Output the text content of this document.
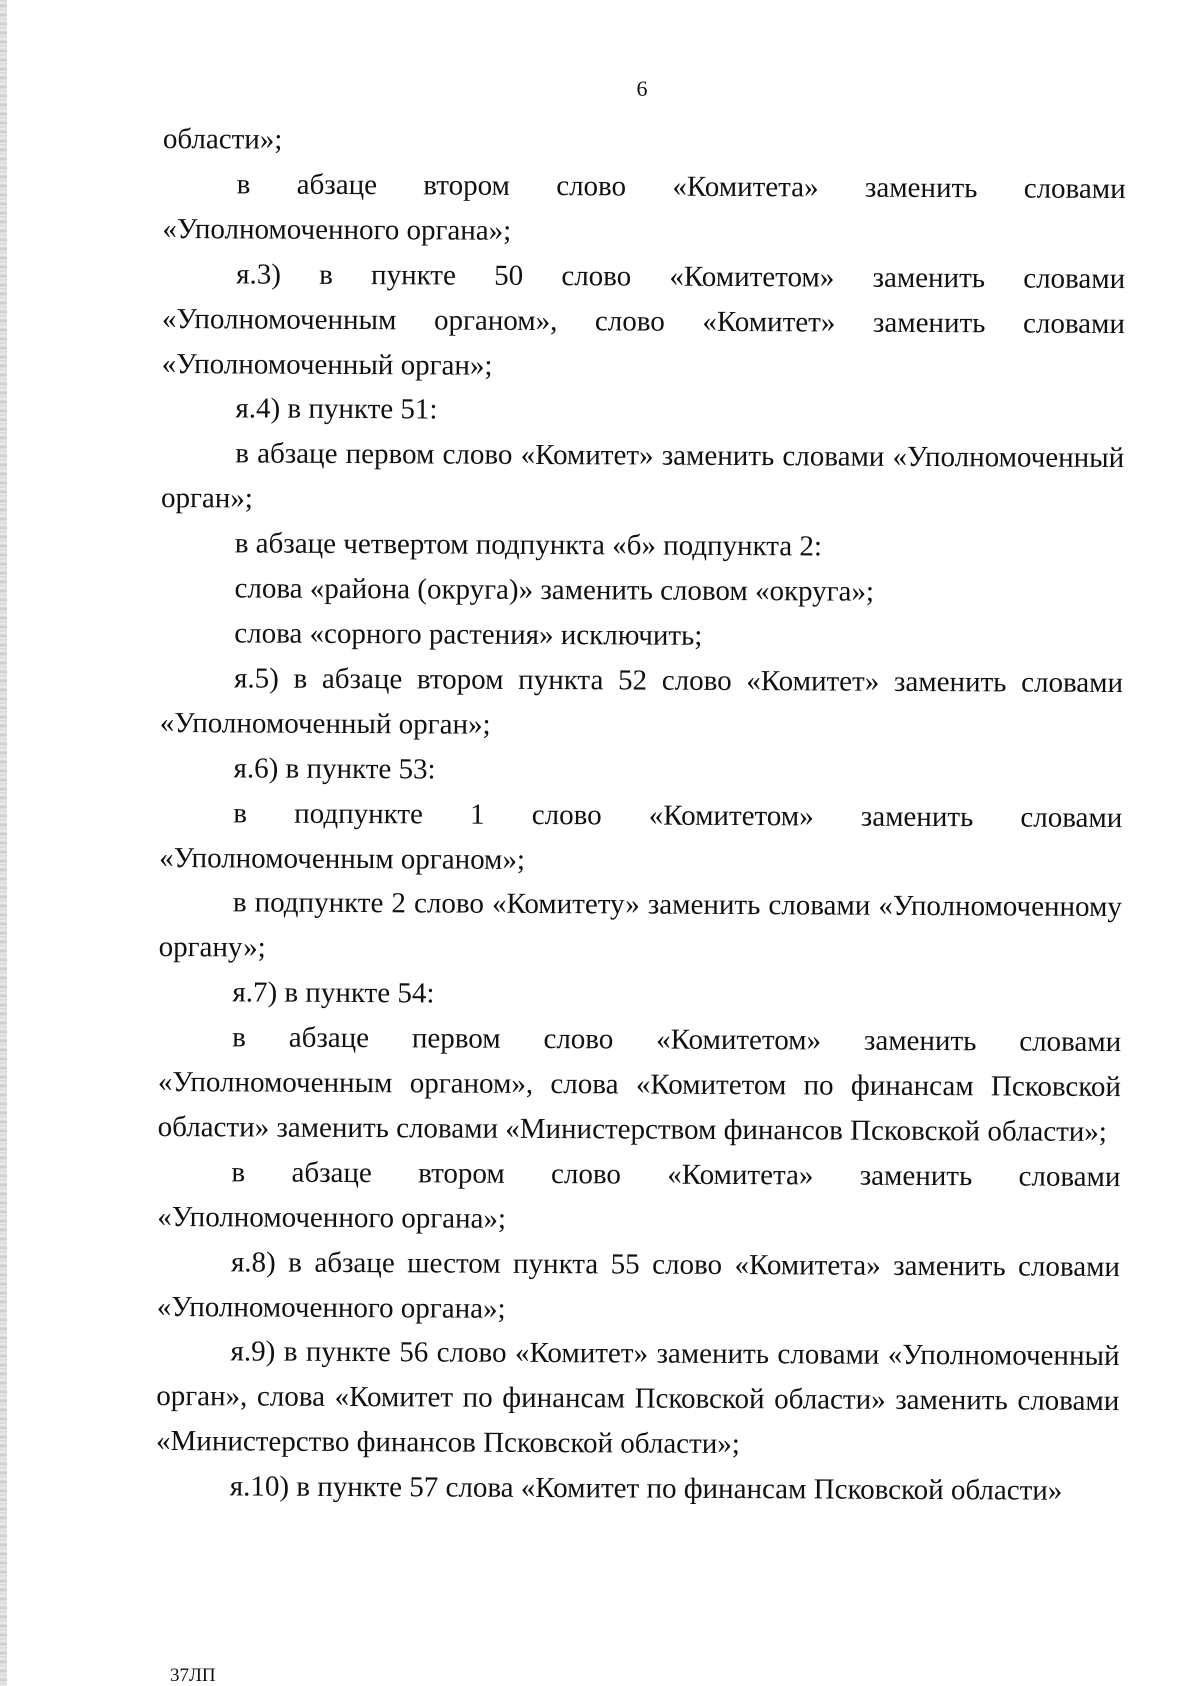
6

области»;

в абзаце втором слово «Комитета» заменить словами «Уполномоченного органа»;

я.3) в пункте 50 слово «Комитетом» заменить словами «Уполномоченным органом», слово «Комитет» заменить словами «Уполномоченный орган»;

я.4) в пункте 51:

в абзаце первом слово «Комитет» заменить словами «Уполномоченный орган»;

в абзаце четвертом подпункта «б» подпункта 2:

слова «района (округа)» заменить словом «округа»;

слова «сорного растения» исключить;

я.5) в абзаце втором пункта 52 слово «Комитет» заменить словами «Уполномоченный орган»;

я.6) в пункте 53:

в подпункте 1 слово «Комитетом» заменить словами «Уполномоченным органом»;

в подпункте 2 слово «Комитету» заменить словами «Уполномоченному органу»;

я.7) в пункте 54:

в абзаце первом слово «Комитетом» заменить словами «Уполномоченным органом», слова «Комитетом по финансам Псковской области» заменить словами «Министерством финансов Псковской области»;

в абзаце втором слово «Комитета» заменить словами «Уполномоченного органа»;

я.8) в абзаце шестом пункта 55 слово «Комитета» заменить словами «Уполномоченного органа»;

я.9) в пункте 56 слово «Комитет» заменить словами «Уполномоченный орган», слова «Комитет по финансам Псковской области» заменить словами «Министерство финансов Псковской области»;

я.10) в пункте 57 слова «Комитет по финансам Псковской области»

37ЛП
